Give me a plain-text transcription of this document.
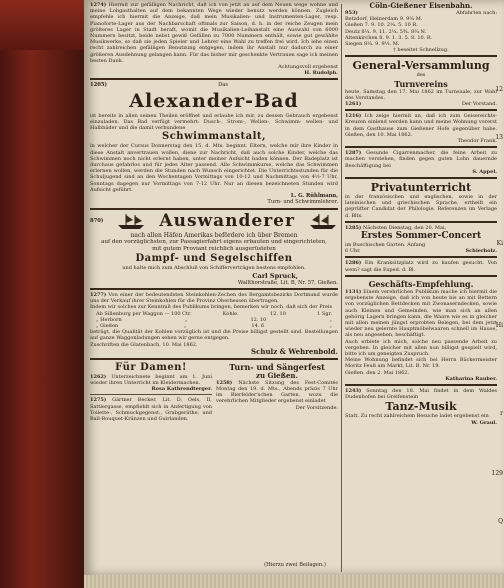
1274) Hiermit zur gefälligen Nachricht, daß ich von jetzt an auf dem Neuen wege wohne und meine Lohgasthalten auf dem bekannten Wege wieder benutz werden können. Zugleich empfehle ich hiermit die Anzeige, daß mein Musikalien- und Instrumenten-Lager, resp. Pianoforte-Lager aus der Nachbarschaft oftmals zur Saison, d. h. in der reiche Zeugen mein größeres Lager in Stadt beraft, womit die Musikalien-Leihanstalt eine Auswahl von 6000 Nummern besitzt, beide nebst gewiß Gefällen zu 7000 Nummern enthält, sowie gut gewählte Musikwerke, so daß sie jeden Spieler und Lehrer eine Wahl zu treffen frei wird. Ich lehe einen recht zahlreichen gefälligen Benutzung entgegen, indem ihr Anstalt nur dadurch zu einer größeren Ausdehnung gelangen kann. Für das bisher mir geschenkte Vertrauen sage ich meinen besten Dank.
Achtungsvoll ergebenst
H. Rudolph.
1205)	Das
Alexander-Bad
ist bereits in allen seinen Theilen eröffnet und erlaube ich mir, zu dessen Gebrauch ergebenst einzuladen. Das Bad verfügt vermehrt: Dusch-, Strom-, Wellen-, Schwimm- wellen- und Halbbäder und die damit verbundene
Schwimmanstalt,
in welcher der Cursus Donnerstag den 15. d. Mts. beginnt. Eltern, welche mir ihre Kinder in diese Anstalt anvertrauen wollen, diene zur Nachricht, daß auch solche Kinder, welche das Schwimmen noch nicht erlernt haben, unter meiner Aufsicht baden können. Der Badeplatz ist durchaus gefahrlos und für jedes Alter passend. Alle Schwimmkurse, welche das Schwimmen erlernen wollen, werden die Stunden nach Wunsch eingerichtet. Die Unterrichtsstunden für die Schuljugend sind an den Wochentagen Vormittags von 10-12 und Nachmittags von 4½-7 Uhr, Sonntags dagegen nur Vormittags von 7-12 Uhr. Nur an diesen bezeichneten Stunden wird Aufsicht geführt.
L. G. Rühlmann,
Turn- und Schwimmlehrer.
870)	Auswanderer
nach allen Häfen Amerikas befördere ich über Bremen
auf den vorzüglichsten, zur Passagierfahrt eigens erbauten und eingerichteten,
mit gutem Proviant reichlich ausgerüsteten
Dampf- und Segelschiffen
und halte mich zum Abschluß von Schifferverträgen bestens empfohlen.
Carl Spruck,
Wallthorstraße, Lit. B, Nr. 57, Gießen.
1277) Von einer der bedeutendsten Steinkohlen-Zechen des Bergamtsbezirks Dortmund wurde uns der Verkauf ihrer Steinkohlen für die Provinz Oberhessen übertragen.
Indem wir solches zur Kenntniß des Publikums bringen, bemerken wir noch, daß sich der Preis
Ab Sillenburg per Waggon — 100 Ctr.	Kohle.	12. 10	1 Sgr.
„ Herborn	„	12. 10	„
„ Gießen	„	14. 6	„
beträgt, die Qualität der Kohlen vorzüglich ist und die Preise billigst gestellt sind. Bestellungen auf ganze Waggonladungen sehen wir gerne entgegen.
Zuschriften die Glatenbach, 10. Mai 1862.
Schulz & Wehrenbold.
Für Damen!
1262) Unterzeichnete beginnt am 1. Juni wieder ihren Unterricht im Kleidermachen.
Rosa Kathrendterger.
1275) Gärtner Becker, Lit. D, Oels, II, Sattlergasse, empfiehlt sich in Anfertigung von Toilette-, Schmuckgegenst., Grabgeräthe, und Ball-Bouquet-Kränzen und Guirlanden.
Turn- und Sängerfest
zu Gießen.
1258) Nächste Sitzung des Fest-Comités Montag den 19. d. Mts., Abends präzis 7 Uhr im Bierfelder'schen Garten, wozu die verehrlichen Mitglieder ergebenst einladet
Der Vorsitzende.
Cöln-Gießener Eisenbahn.
953)	Abfahrten nach:
Betzdorf, Heinerdam 9. 9¼ M.
Gießen 7. 9. 10. 2¼. 5. 10 R.
Deutz 8¼. 9. 11. 2¼. 5¾. 8¼ N.
Altenkirchen 8. 9. 1. 3. 5. 8. 10. R.
Siegen 8¼. 9. 9½. M.
† beseitet Schnellzug.
General-Versammlung
des
Turnvereins
heute, Samstag den 17. Mai 1862 im Turnsaale, zur Wahl des Vorstandes.
1261)	Der Vorstand.
1216) Ich zeige hiermit an, daß ich zum Geisereichts-Kreuzen einlend werden kann und meine Wohnung vorerst in dem Gasthause zum Gießener Hofe gegenüber habe. Gießen, den 10. Mai 1862.
Theodor Frank.
1287) Gesunde Cigarrenmacher, die feine Arbeit zu machen verstehen, finden gegen guten Lohn dauernde Beschäftigung bei
S. Appel.
Privatunterricht
in der französischen und englischen, sowie in der lateinischen und griechischen Sprache, ertheilt ein geprüfter Candidat der Philologie. Referenzen im Verlage d. Blts.
1285) Nächsten Dienstag, den 20. Mai,
Erstes Sommer-Concert
im Buschischen Garten. Anfang
6 Uhr.	Schierholz.
1286) Ein Kranksitzplatz wird zu kaufen gesucht. Von wem? sagt die Exped. d. Bl.
Geschäfts-Empfehlung.
1131) Einem verehrlichen Publikum mache ich hiermit die ergebenste Anzeige, daß ich von heute bis an mit Bettern von vorzüglichen Bettdecken mit Zwonaserndecken, sowie auch Kleinen und Gemeinden, wie man sich an allen gehörig Lagern bringen kann, die Waare wie es in gleicher mit allen meinen jüngst erprobten Belegen, bei dem jetzt wieder neu gelernte Hauptmöbelwaaren schnell im Hause, als neu angesehen, beschäftigt.
Auch erbiete ich mich, solche neu passende Arbeit zu vergeben. In gleicher mit allen nun billigst gespielt wird, bitte ich um geneigten Zuspruch.
Meine Wohnung befindet sich bei Herrn Bäckermeister Moritz Feuß am Markt, Lit. B. Nr. 19.
Gießen, den 2. Mai 1862.
Katharina Rauber.
1243) Sonntag den 18. Mai findet in dem Waldes Dudenhofen bei Greifenstein
Tanz-Musik
Statt. Zu recht zahlreichem Besuche ladet ergebenst ein
W. Graul.
12
13
Ki
Hi
r
129
Q
(Hierzu zwei Beilagen.)
